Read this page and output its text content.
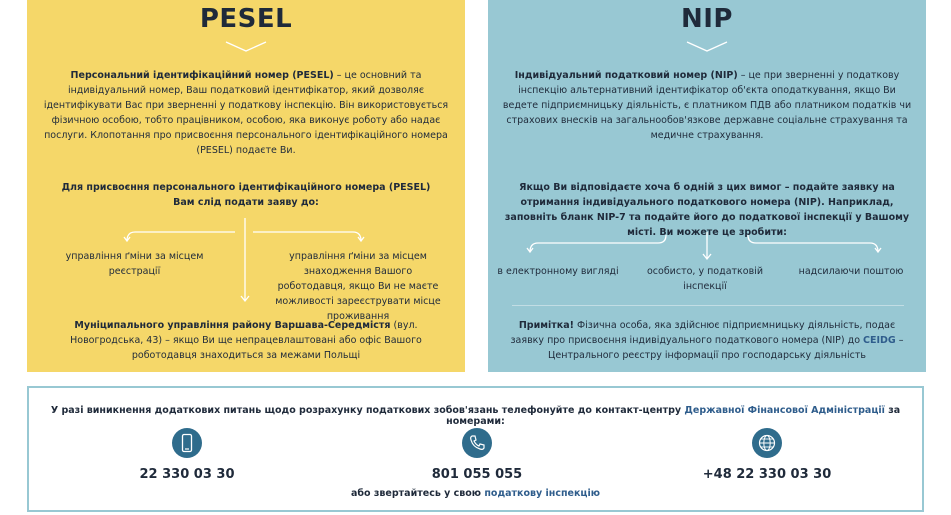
PESEL
Персональний ідентифікаційний номер (PESEL) – це основний та індивідуальний номер, Ваш податковий ідентифікатор, який дозволяє ідентифікувати Вас при зверненні у податкову інспекцію. Він використовується фізичною особою, тобто працівником, особою, яка виконує роботу або надає послуги. Клопотання про присвоєння персонального ідентифікаційного номера (PESEL) подаєте Ви.
Для присвоєння персонального ідентифікаційного номера (PESEL)
Вам слід подати заяву до:
управління ґміни за місцем реєстрації
управління ґміни за місцем знаходження Вашого роботодавця, якщо Ви не маєте можливості зареєструвати місце проживання
Муніципального управління району Варшава-Середмістя (вул. Новогродська, 43) – якщо Ви ще непрацевлаштовані або офіс Вашого роботодавця знаходиться за межами Польщі
NIP
Індивідуальний податковий номер (NIP) – це при зверненні у податкову інспекцію альтернативний ідентифікатор об'єкта оподаткування, якщо Ви ведете підприємницьку діяльність, є платником ПДВ або платником податків чи страхових внесків на загальнообов'язкове державне соціальне страхування та медичне страхування.
Якщо Ви відповідаєте хоча б одній з цих вимог – подайте заявку на отримання індивідуального податкового номера (NIP). Наприклад, заповніть бланк NIP-7 та подайте його до податкової інспекції у Вашому місті. Ви можете це зробити:
в електронному вигляді	особисто, у податковій інспекції
надсилаючи поштою
Примітка! Фізична особа, яка здійснює підприємницьку діяльність, подає заявку про присвоєння індивідуального податкового номера (NIP) до CEIDG – Центрального реєстру інформації про господарську діяльність
У разі виникнення додаткових питань щодо розрахунку податкових зобов'язань телефонуйте до контакт-центру Державної Фінансової Адміністрації за номерами:
22 330 03 30	801 055 055	+48 22 330 03 30
або звертайтесь у свою податкову інспекцію
